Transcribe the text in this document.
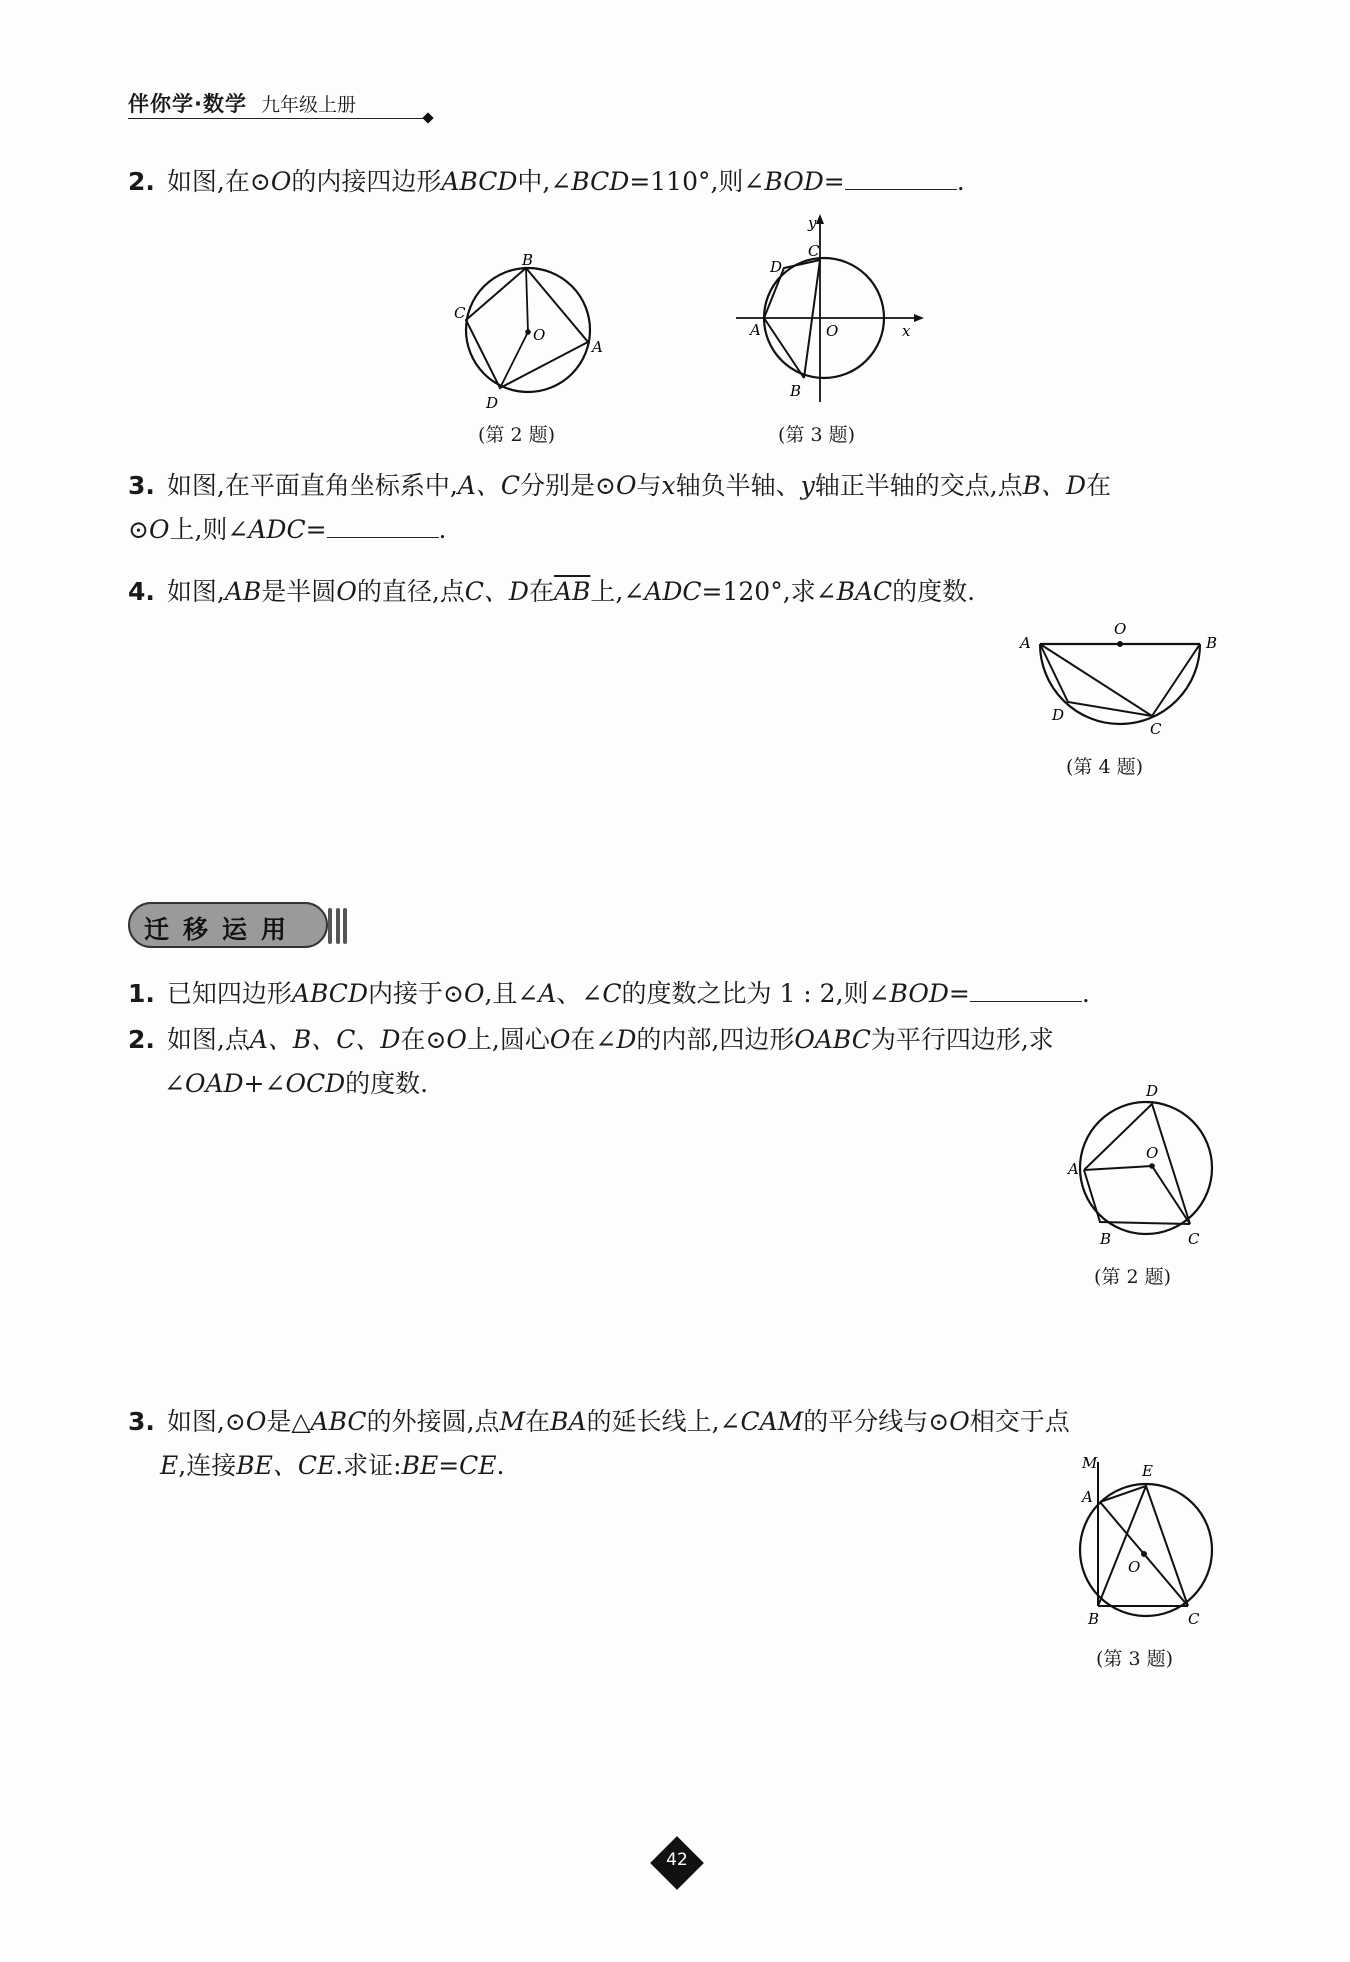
伴你学·数学 九年级上册
2. 如图,在⊙O的内接四边形ABCD中,∠BCD=110°,则∠BOD=	.
B
C
O
A
D
(第 2 题)
y
C
D
A	O	x
B
(第 3 题)
3. 如图,在平面直角坐标系中,A、C分别是⊙O与x轴负半轴、y轴正半轴的交点,点B、D在
⊙O上,则∠ADC=	.
4. 如图,AB是半圆O的直径,点C、D在$\overline{AB}$上,∠ADC=120°,求∠BAC的度数.
O
A	B
D
C
(第 4 题)
迁移运用
1. 已知四边形ABCD内接于⊙O,且∠A、∠C的度数之比为 1 : 2,则∠BOD=	.
2. 如图,点A、B、C、D在⊙O上,圆心O在∠D的内部,四边形OABC为平行四边形,求
∠OAD+∠OCD的度数.	D
O
A
B	C
(第 2 题)
3. 如图,⊙O是△ABC的外接圆,点M在BA的延长线上,∠CAM的平分线与⊙O相交于点
E,连接BE、CE.求证:BE=CE.	M	E
A
O
B	C
(第 3 题)
42
